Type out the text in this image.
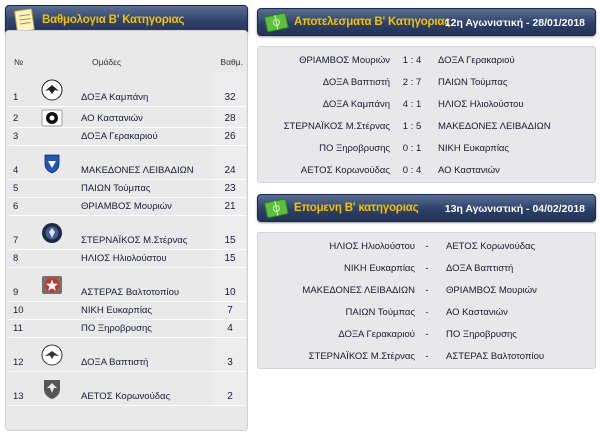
Βαθμολογια Β' Κατηγοριας
№	Ομάδες	Βαθμ.
1	ΔΟΞΑ Καμπάνη	32
2	ΑΟ Καστανιών	28
3	ΔΟΞΑ Γερακαριού	26
4	ΜΑΚΕΔΟΝΕΣ ΛΕΙΒΑΔΙΩΝ	24
5	ΠΑΙΩΝ Τούμπας	23
6	ΘΡΙΑΜΒΟΣ Μουριών	21
7	ΣΤΕΡΝΑΪΚΟΣ Μ.Στέρνας	15
8	ΗΛΙΟΣ Ηλιολούστου	15
9	ΑΣΤΕΡΑΣ Βαλτοτοπίου	10
10	ΝΙΚΗ Ευκαρπίας	7
11	ΠΟ Ξηροβρυσης	4
12	ΔΟΞΑ Βαπτιστή	3
13	ΑΕΤΟΣ Κορωνούδας	2
Αποτελεσματα Β' Κατηγοριας
12η Αγωνιστική - 28/01/2018
ΘΡΙΑΜΒΟΣ Μουριών	1 : 4	ΔΟΞΑ Γερακαριού
ΔΟΞΑ Βαπτιστή	2 : 7	ΠΑΙΩΝ Τούμπας
ΔΟΞΑ Καμπάνη	4 : 1	ΗΛΙΟΣ Ηλιολούστου
ΣΤΕΡΝΑΪΚΟΣ Μ.Στέρνας	1 : 5	ΜΑΚΕΔΟΝΕΣ ΛΕΙΒΑΔΙΩΝ
ΠΟ Ξηροβρυσης	0 : 1	ΝΙΚΗ Ευκαρπίας
ΑΕΤΟΣ Κορωνούδας	0 : 4	ΑΟ Καστανιών
Επομενη Β' κατηγοριας	13η Αγωνιστική - 04/02/2018
ΗΛΙΟΣ Ηλιολούστου	-	ΑΕΤΟΣ Κορωνούδας
ΝΙΚΗ Ευκαρπίας	-	ΔΟΞΑ Βαπτιστή
ΜΑΚΕΔΟΝΕΣ ΛΕΙΒΑΔΙΩΝ	-	ΘΡΙΑΜΒΟΣ Μουριών
ΠΑΙΩΝ Τούμπας	-	ΑΟ Καστανιών
ΔΟΞΑ Γερακαριού	-	ΠΟ Ξηροβρυσης
ΣΤΕΡΝΑΪΚΟΣ Μ.Στέρνας	-	ΑΣΤΕΡΑΣ Βαλτοτοπίου
